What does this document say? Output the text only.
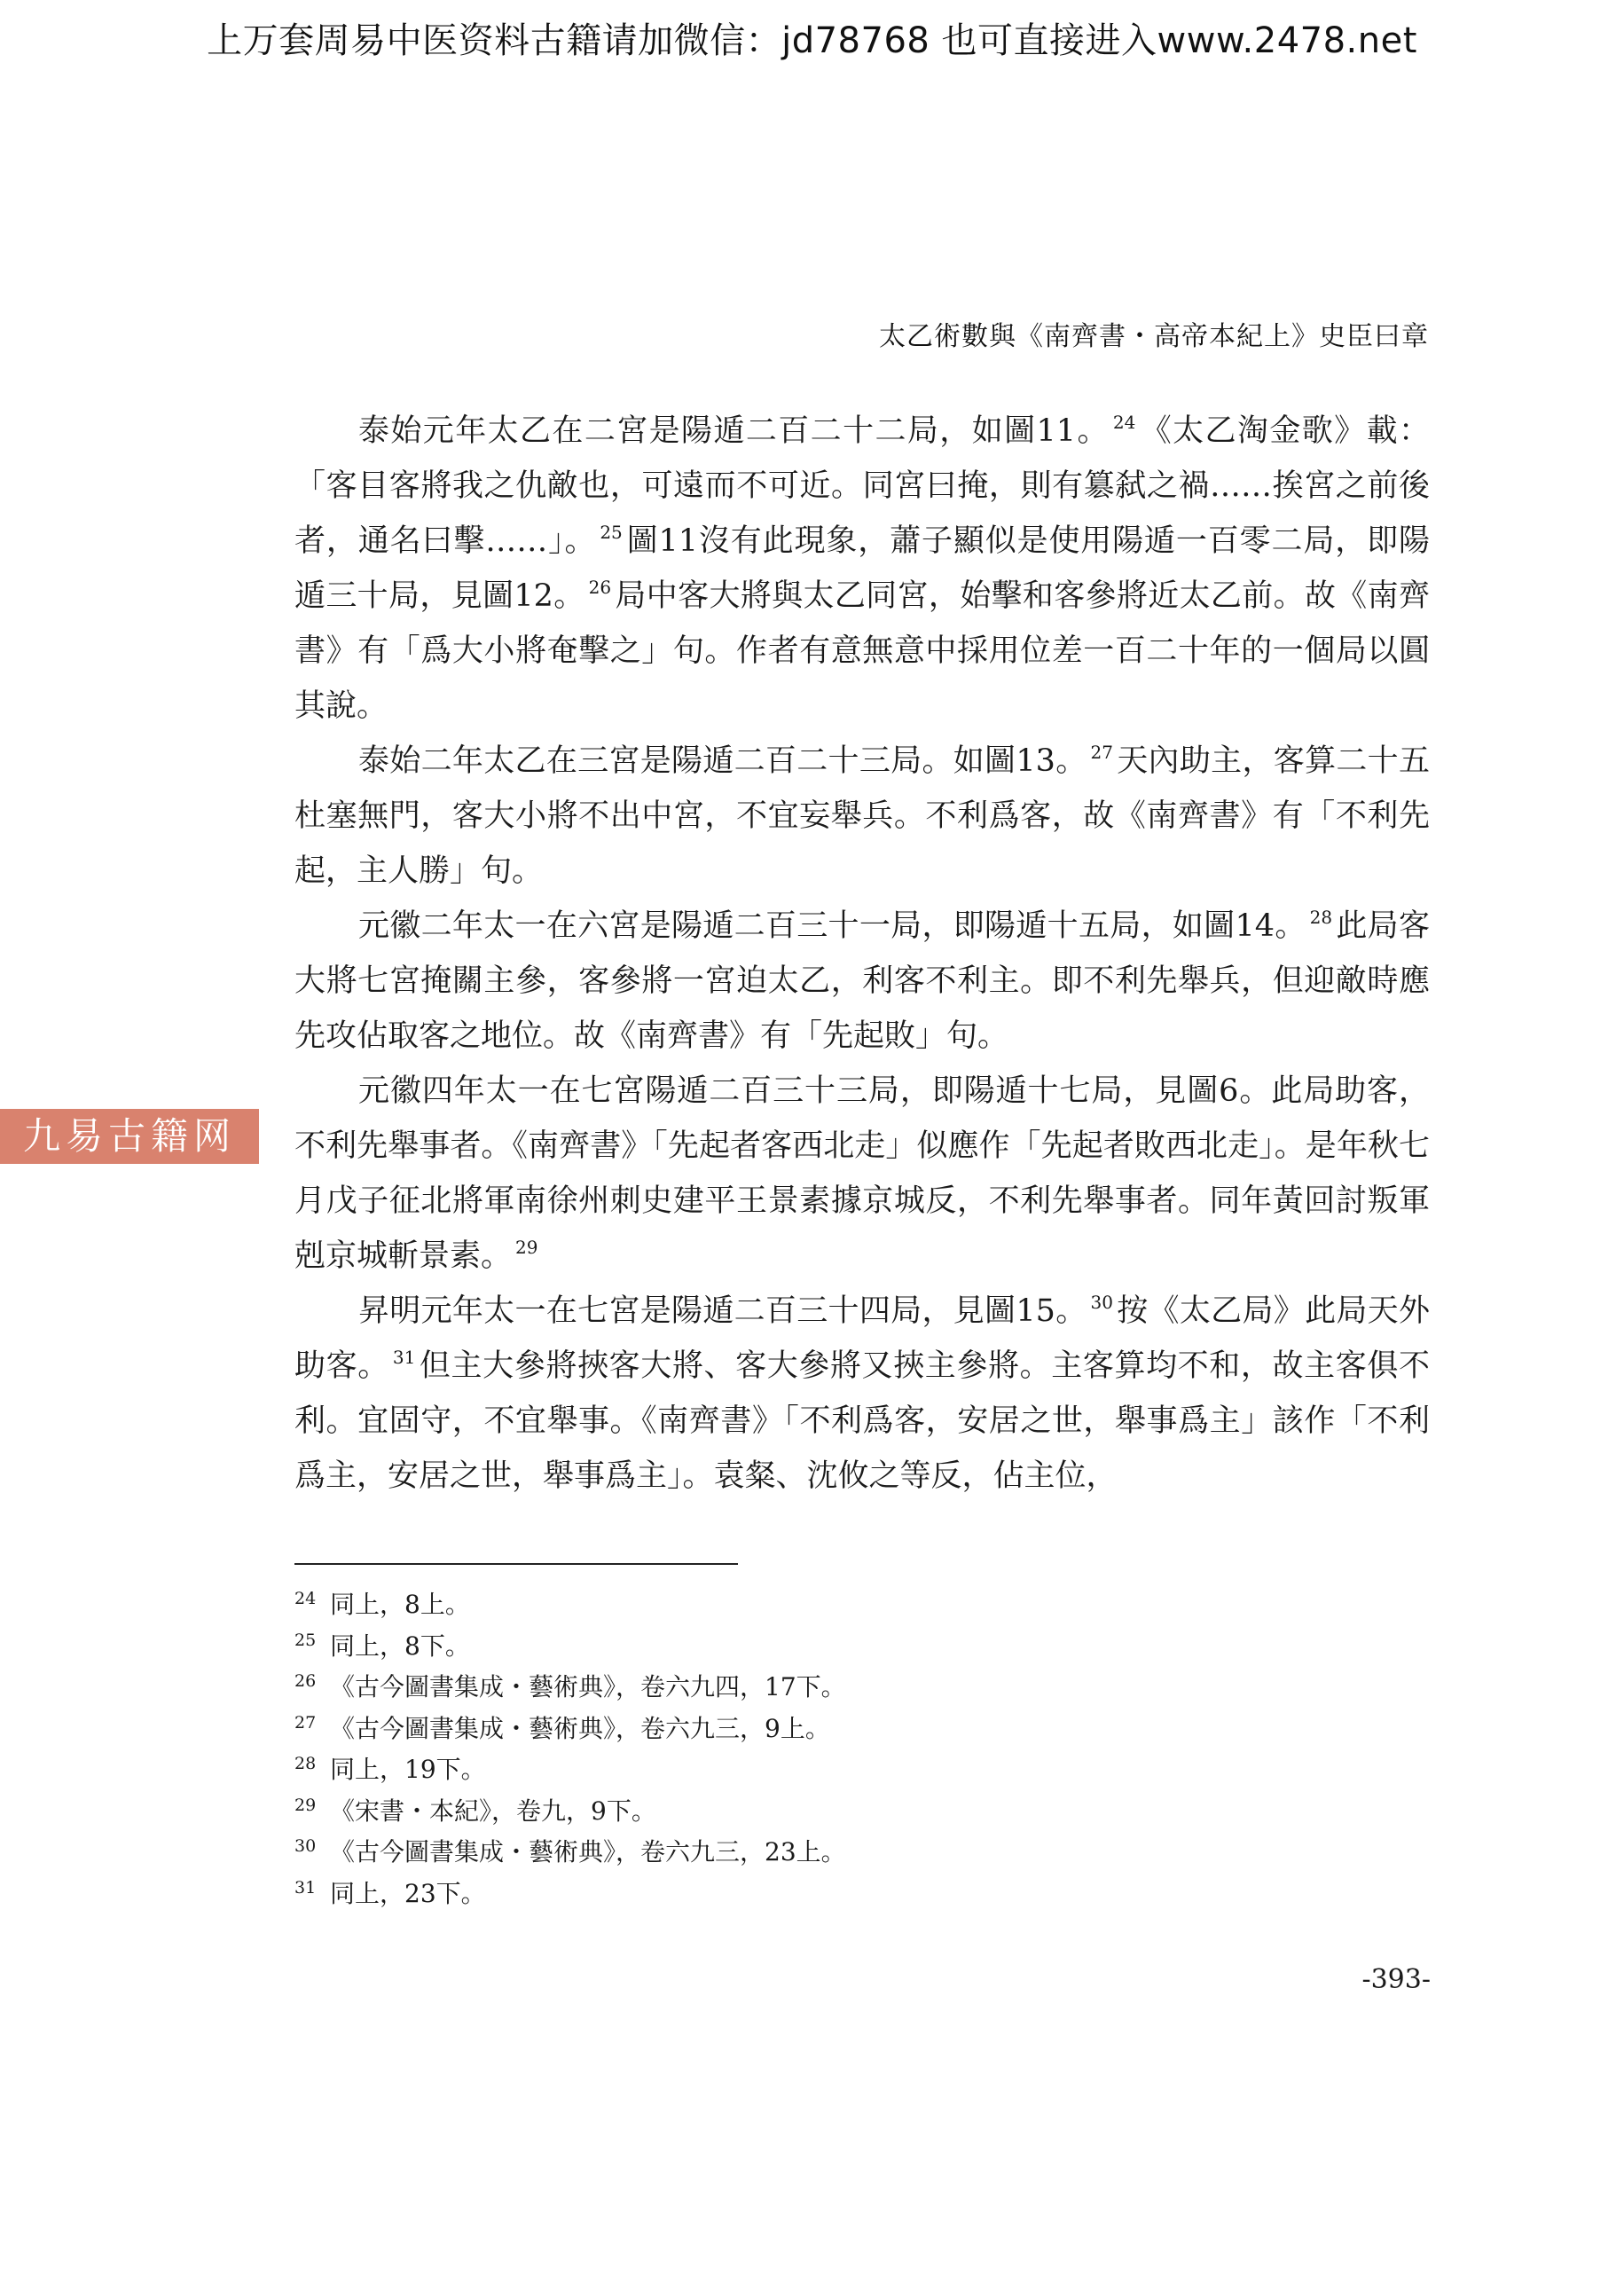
上万套周易中医资料古籍请加微信：jd78768 也可直接进入www.2478.net
太乙術數與《南齊書・高帝本紀上》史臣曰章

泰始元年太乙在二宮是陽遁二百二十二局，如圖11。 $^{24}$ 《太乙淘金歌》載：「客目客將我之仇敵也，可遠而不可近。同宮曰掩，則有簒弑之禍……挨宮之前後者，通名曰擊……」。 $^{25}$ 圖11沒有此現象，蕭子顯似是使用陽遁一百零二局，即陽遁三十局，見圖12。 $^{26}$ 局中客大將與太乙同宮，始擊和客參將近太乙前。故《南齊書》有「爲大小將奄擊之」句。作者有意無意中採用位差一百二十年的一個局以圓其說。

泰始二年太乙在三宮是陽遁二百二十三局。如圖13。 $^{27}$ 天內助主，客算二十五杜塞無門，客大小將不出中宮，不宜妄舉兵。不利爲客，故《南齊書》有「不利先起，主人勝」句。

元徽二年太一在六宮是陽遁二百三十一局，即陽遁十五局，如圖14。 $^{28}$ 此局客大將七宮掩關主參，客參將一宮迫太乙，利客不利主。即不利先舉兵，但迎敵時應先攻佔取客之地位。故《南齊書》有「先起敗」句。

元徽四年太一在七宮陽遁二百三十三局，即陽遁十七局，見圖6。此局助客，不利先舉事者。《南齊書》「先起者客西北走」似應作「先起者敗西北走」。是年秋七月戊子征北將軍南徐州刺史建平王景素據京城反，不利先舉事者。同年黃回討叛軍剋京城斬景素。 $^{29}$

昇明元年太一在七宮是陽遁二百三十四局，見圖15。 $^{30}$ 按《太乙局》此局天外助客。 $^{31}$ 但主大參將挾客大將、客大參將又挾主參將。主客算均不和，故主客俱不利。宜固守，不宜舉事。《南齊書》「不利爲客，安居之世，舉事爲主」該作「不利爲主，安居之世，舉事爲主」。袁粲、沈攸之等反，佔主位，

九易古籍网
24 同上，8上。
25 同上，8下。
26 《古今圖書集成・藝術典》，卷六九四，17下。
27 《古今圖書集成・藝術典》，卷六九三，9上。
28 同上，19下。
29 《宋書・本紀》，卷九，9下。
30 《古今圖書集成・藝術典》，卷六九三，23上。
31 同上，23下。
-393-
